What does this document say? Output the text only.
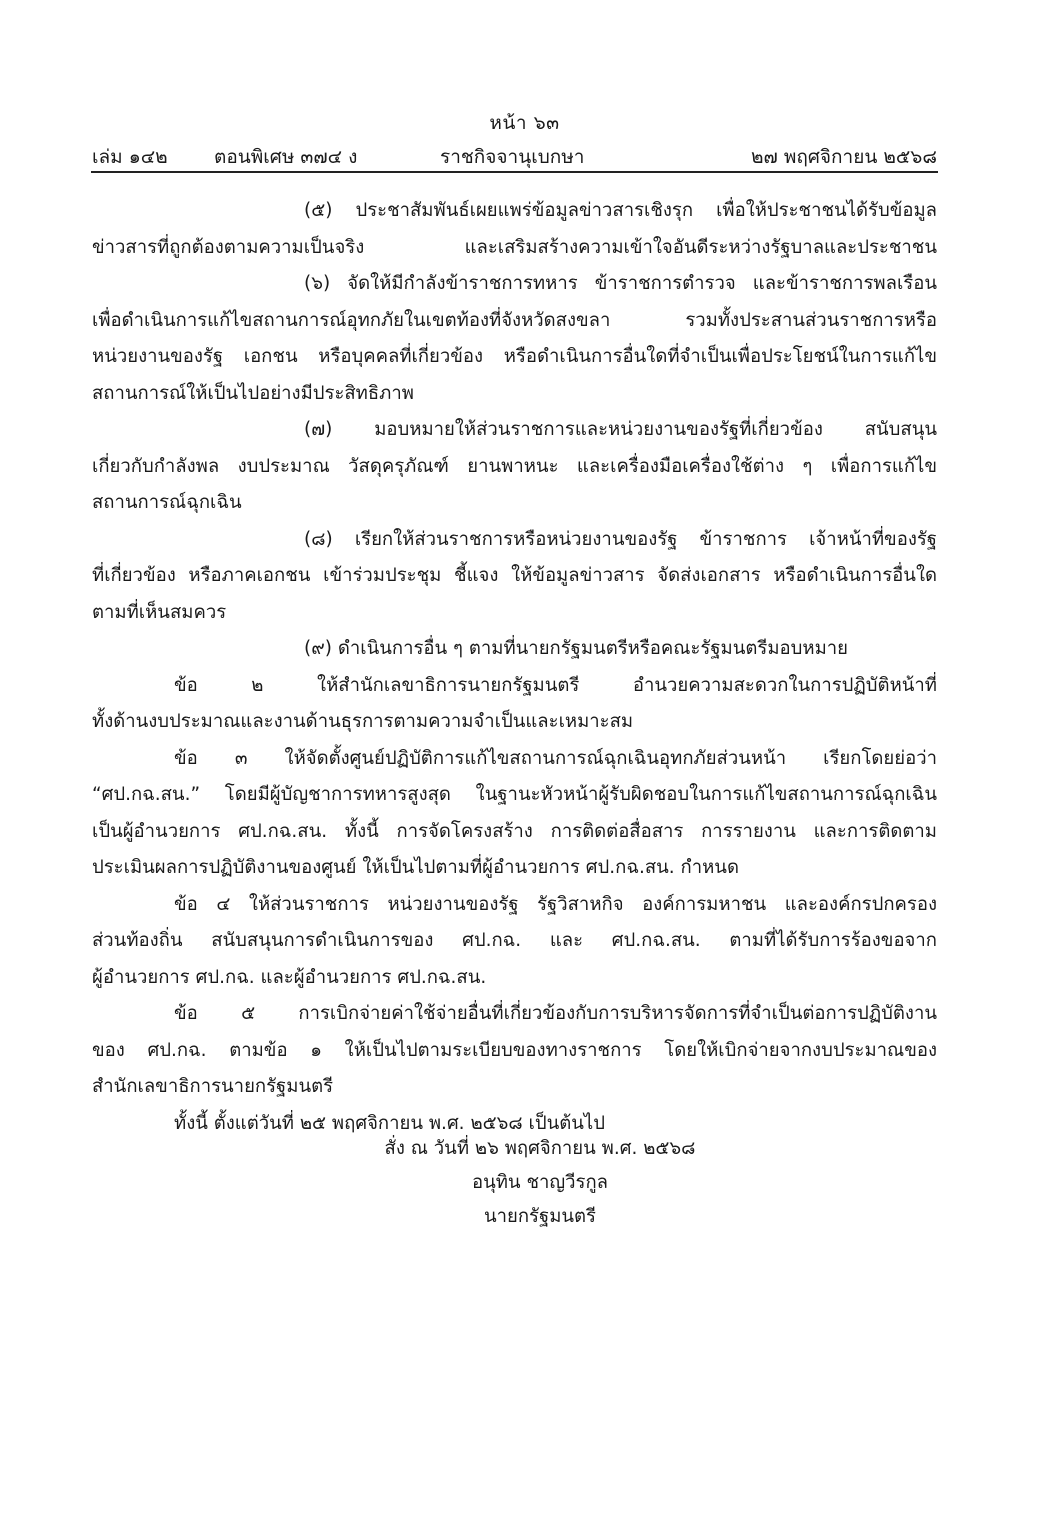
หน้า ๖๓
เล่ม ๑๔๒ ตอนพิเศษ ๓๗๔ ง	ราชกิจจานุเบกษา	๒๗ พฤศจิกายน ๒๕๖๘
(๕) ประชาสัมพันธ์เผยแพร่ข้อมูลข่าวสารเชิงรุก เพื่อให้ประชาชนได้รับข้อมูล
ข่าวสารที่ถูกต้องตามความเป็นจริง และเสริมสร้างความเข้าใจอันดีระหว่างรัฐบาลและประชาชน
(๖) จัดให้มีกำลังข้าราชการทหาร ข้าราชการตำรวจ และข้าราชการพลเรือน
เพื่อดำเนินการแก้ไขสถานการณ์อุทกภัยในเขตท้องที่จังหวัดสงขลา รวมทั้งประสานส่วนราชการหรือ
หน่วยงานของรัฐ เอกชน หรือบุคคลที่เกี่ยวข้อง หรือดำเนินการอื่นใดที่จำเป็นเพื่อประโยชน์ในการแก้ไข
สถานการณ์ให้เป็นไปอย่างมีประสิทธิภาพ
(๗) มอบหมายให้ส่วนราชการและหน่วยงานของรัฐที่เกี่ยวข้อง สนับสนุน
เกี่ยวกับกำลังพล งบประมาณ วัสดุครุภัณฑ์ ยานพาหนะ และเครื่องมือเครื่องใช้ต่าง ๆ เพื่อการแก้ไข
สถานการณ์ฉุกเฉิน
(๘) เรียกให้ส่วนราชการหรือหน่วยงานของรัฐ ข้าราชการ เจ้าหน้าที่ของรัฐ
ที่เกี่ยวข้อง หรือภาคเอกชน เข้าร่วมประชุม ชี้แจง ให้ข้อมูลข่าวสาร จัดส่งเอกสาร หรือดำเนินการอื่นใด
ตามที่เห็นสมควร
(๙) ดำเนินการอื่น ๆ ตามที่นายกรัฐมนตรีหรือคณะรัฐมนตรีมอบหมาย
ข้อ ๒ ให้สำนักเลขาธิการนายกรัฐมนตรี อำนวยความสะดวกในการปฏิบัติหน้าที่
ทั้งด้านงบประมาณและงานด้านธุรการตามความจำเป็นและเหมาะสม
ข้อ ๓ ให้จัดตั้งศูนย์ปฏิบัติการแก้ไขสถานการณ์ฉุกเฉินอุทกภัยส่วนหน้า เรียกโดยย่อว่า
“ศป.กฉ.สน.” โดยมีผู้บัญชาการทหารสูงสุด ในฐานะหัวหน้าผู้รับผิดชอบในการแก้ไขสถานการณ์ฉุกเฉิน
เป็นผู้อำนวยการ ศป.กฉ.สน. ทั้งนี้ การจัดโครงสร้าง การติดต่อสื่อสาร การรายงาน และการติดตาม
ประเมินผลการปฏิบัติงานของศูนย์ ให้เป็นไปตามที่ผู้อำนวยการ ศป.กฉ.สน. กำหนด
ข้อ ๔ ให้ส่วนราชการ หน่วยงานของรัฐ รัฐวิสาหกิจ องค์การมหาชน และองค์กรปกครอง
ส่วนท้องถิ่น สนับสนุนการดำเนินการของ ศป.กฉ. และ ศป.กฉ.สน. ตามที่ได้รับการร้องขอจาก
ผู้อำนวยการ ศป.กฉ. และผู้อำนวยการ ศป.กฉ.สน.
ข้อ ๕ การเบิกจ่ายค่าใช้จ่ายอื่นที่เกี่ยวข้องกับการบริหารจัดการที่จำเป็นต่อการปฏิบัติงาน
ของ ศป.กฉ. ตามข้อ ๑ ให้เป็นไปตามระเบียบของทางราชการ โดยให้เบิกจ่ายจากงบประมาณของ
สำนักเลขาธิการนายกรัฐมนตรี
ทั้งนี้ ตั้งแต่วันที่ ๒๕ พฤศจิกายน พ.ศ. ๒๕๖๘ เป็นต้นไป
สั่ง ณ วันที่ ๒๖ พฤศจิกายน พ.ศ. ๒๕๖๘
อนุทิน ชาญวีรกูล
นายกรัฐมนตรี
